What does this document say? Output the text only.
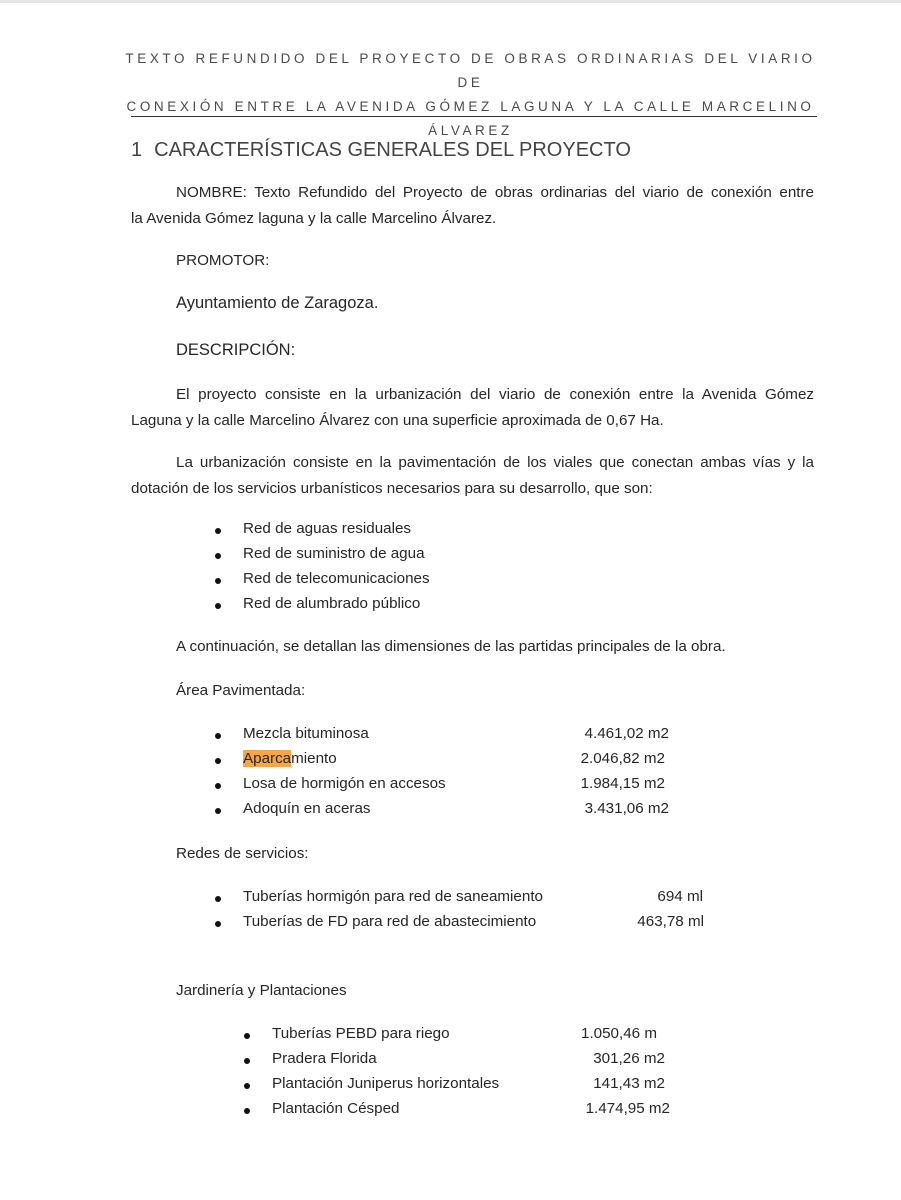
TEXTO REFUNDIDO DEL PROYECTO DE OBRAS ORDINARIAS DEL VIARIO DE
CONEXIÓN ENTRE LA AVENIDA GÓMEZ LAGUNA Y LA CALLE MARCELINO
ÁLVAREZ
1 CARACTERÍSTICAS GENERALES DEL PROYECTO
NOMBRE: Texto Refundido del Proyecto de obras ordinarias del viario de conexión entre
la Avenida Gómez laguna y la calle Marcelino Álvarez.
PROMOTOR:
Ayuntamiento de Zaragoza.
DESCRIPCIÓN:
El proyecto consiste en la urbanización del viario de conexión entre la Avenida Gómez
Laguna y la calle Marcelino Álvarez con una superficie aproximada de 0,67 Ha.
La urbanización consiste en la pavimentación de los viales que conectan ambas vías y la
dotación de los servicios urbanísticos necesarios para su desarrollo, que son:
Red de aguas residuales
Red de suministro de agua
Red de telecomunicaciones
Red de alumbrado público
A continuación, se detallan las dimensiones de las partidas principales de la obra.
Área Pavimentada:
Mezcla bituminosa	4.461,02 m2
Aparcamiento	2.046,82 m2
Losa de hormigón en accesos	1.984,15 m2
Adoquín en aceras	3.431,06 m2
Redes de servicios:
Tuberías hormigón para red de saneamiento	694 ml
Tuberías de FD para red de abastecimiento	463,78 ml
Jardinería y Plantaciones
Tuberías PEBD para riego	1.050,46 m
Pradera Florida	301,26 m2
Plantación Juniperus horizontales	141,43 m2
Plantación Césped	1.474,95 m2
